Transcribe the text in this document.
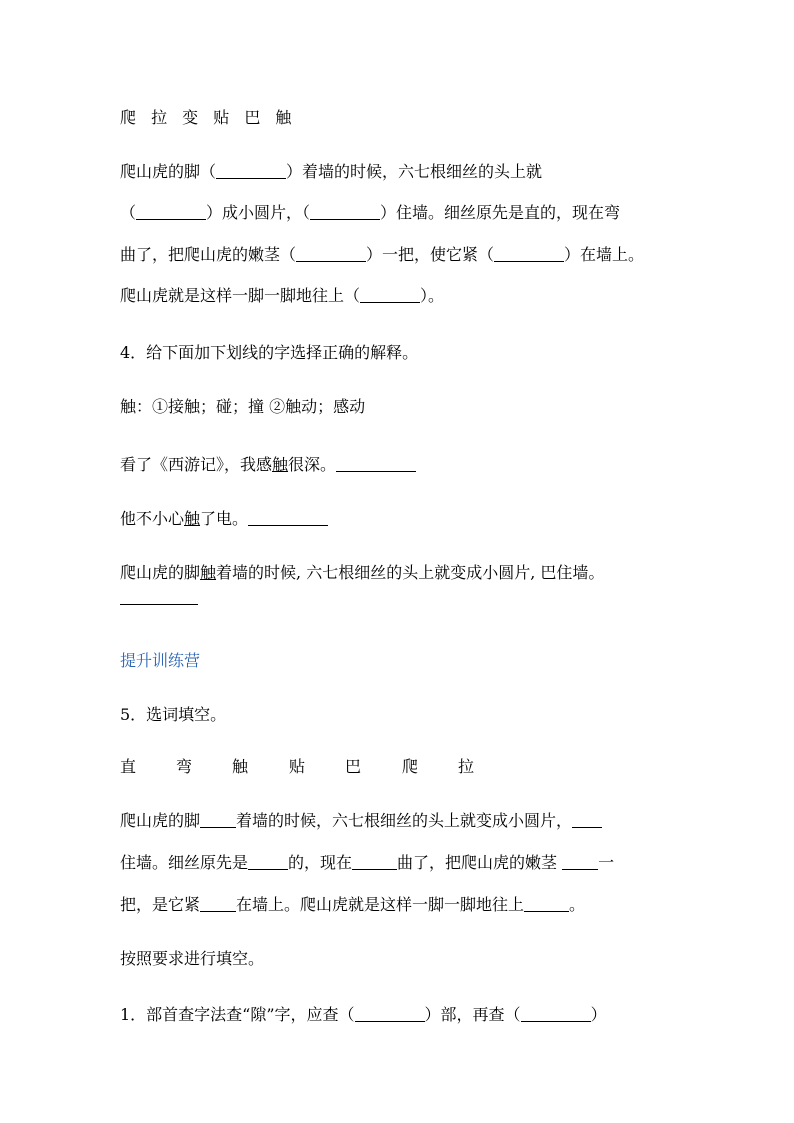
爬 拉 变 贴 巴 触
爬山虎的脚（	）着墙的时候，六七根细丝的头上就
（	）成小圆片，（	）住墙。细丝原先是直的，现在弯
曲了，把爬山虎的嫩茎（	）一把，使它紧（	）在墙上。
爬山虎就是这样一脚一脚地往上（	）。
4．给下面加下划线的字选择正确的解释。
触：①接触；碰；撞 ②触动；感动
看了《西游记》，我感触很深。
他不小心触了电。
爬山虎的脚触着墙的时候, 六七根细丝的头上就变成小圆片, 巴住墙。
提升训练营
5．选词填空。
直 弯 触	贴 巴	爬 拉
爬山虎的脚 着墙的时候，六七根细丝的头上就变成小圆片，
住墙。细丝原先是	的，现在	曲了，把爬山虎的嫩茎 一
把，是它紧 在墙上。爬山虎就是这样一脚一脚地往上	。
按照要求进行填空。
1．部首查字法查“隙”字，应查（	）部，再查（	）
